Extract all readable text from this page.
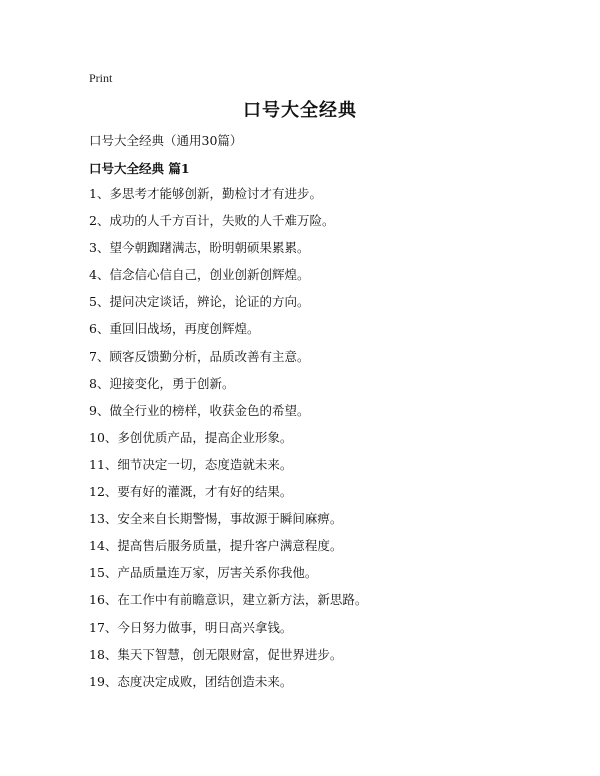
Print
口号大全经典
口号大全经典（通用30篇）
口号大全经典 篇1
1、多思考才能够创新，勤检讨才有进步。
2、成功的人千方百计，失败的人千难万险。
3、望今朝踟躇满志，盼明朝硕果累累。
4、信念信心信自己，创业创新创辉煌。
5、提问决定谈话，辨论，论证的方向。
6、重回旧战场，再度创辉煌。
7、顾客反馈勤分析，品质改善有主意。
8、迎接变化，勇于创新。
9、做全行业的榜样，收获金色的希望。
10、多创优质产品，提高企业形象。
11、细节决定一切，态度造就未来。
12、要有好的灌溉，才有好的结果。
13、安全来自长期警惕，事故源于瞬间麻痹。
14、提高售后服务质量，提升客户满意程度。
15、产品质量连万家，厉害关系你我他。
16、在工作中有前瞻意识，建立新方法，新思路。
17、今日努力做事，明日高兴拿钱。
18、集天下智慧，创无限财富，促世界进步。
19、态度决定成败，团结创造未来。
